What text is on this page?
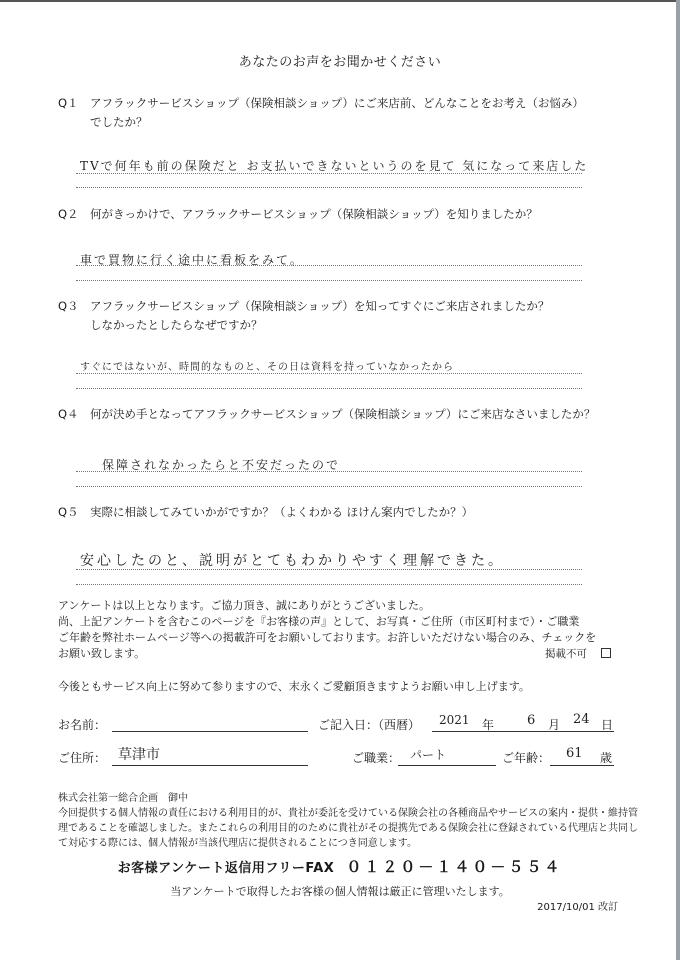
あなたのお声をお聞かせください
Q１ アフラックサービスショップ（保険相談ショップ）にご来店前、どんなことをお考え（お悩み）
でしたか？
TVで何年も前の保険だと お支払いできないというのを見て 気になって来店した
Q２ 何がきっかけで、アフラックサービスショップ（保険相談ショップ）を知りましたか？
車で買物に行く途中に看板をみて。
Q３ アフラックサービスショップ（保険相談ショップ）を知ってすぐにご来店されましたか？
しなかったとしたらなぜですか？
すぐにではないが、時間的なものと、その日は資料を持っていなかったから
Q４ 何が決め手となってアフラックサービスショップ（保険相談ショップ）にご来店なさいましたか？
保障されなかったらと不安だったので
Q５ 実際に相談してみていかがですか？（よくわかる ほけん案内でしたか？）
安心したのと、説明がとてもわかりやすく理解できた。
アンケートは以上となります。ご協力頂き、誠にありがとうございました。
尚、上記アンケートを含むこのページを『お客様の声』として、お写真・ご住所（市区町村まで）・ご職業
ご年齢を弊社ホームページ等への掲載許可をお願いしております。お許しいただけない場合のみ、チェックを
お願い致します。	掲載不可
今後ともサービス向上に努めて参りますので、末永くご愛顧頂きますようお願い申し上げます。
お名前：	ご記入日：（西暦） 2021 年	6 月 24 日
ご住所： 草津市	ご職業： パート	ご年齢： 61 歳
株式会社第一総合企画　御中
今回提供する個人情報の責任における利用目的が、貴社が委託を受けている保険会社の各種商品やサービスの案内・提供・維持管理であることを確認しました。またこれらの利用目的のために貴社がその提携先である保険会社に登録されている代理店と共同して対応する際には、個人情報が当該代理店に提供されることにつき同意します。
お客様アンケート返信用フリーFAX ０１２０－１４０－５５４
当アンケートで取得したお客様の個人情報は厳正に管理いたします。
2017/10/01 改訂
